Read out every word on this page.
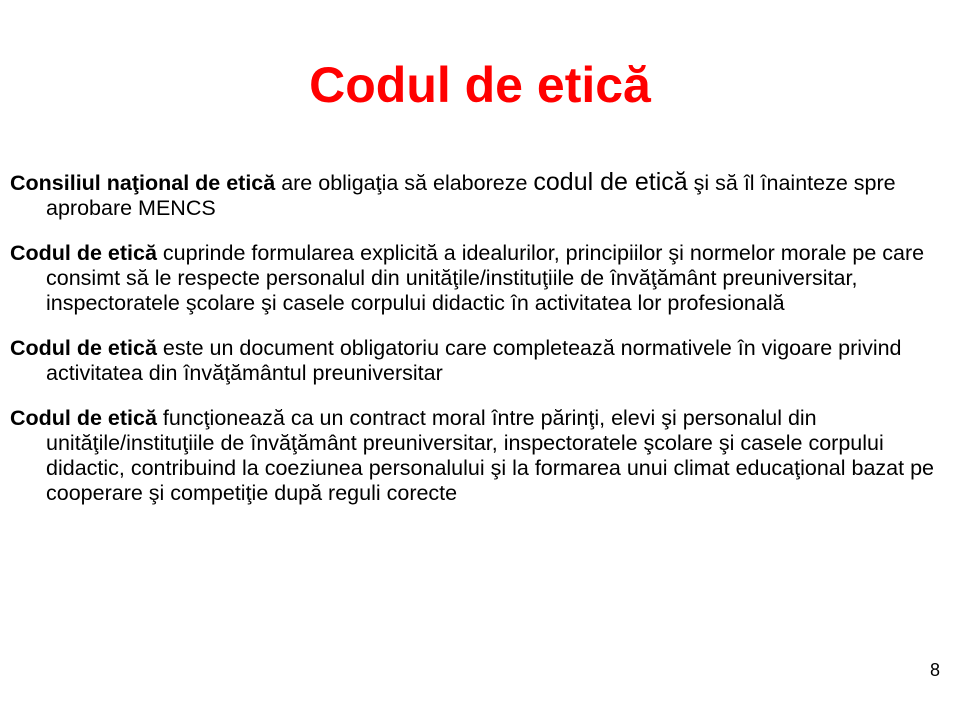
Codul de etică

Consiliul naţional de etică are obligaţia să elaboreze codul de etică şi să îl înainteze spre aprobare MENCS

Codul de etică cuprinde formularea explicită a idealurilor, principiilor şi normelor morale pe care consimt să le respecte personalul din unităţile/instituţiile de învăţământ preuniversitar, inspectoratele şcolare şi casele corpului didactic în activitatea lor profesională

Codul de etică este un document obligatoriu care completează normativele în vigoare privind activitatea din învăţământul preuniversitar

Codul de etică funcţionează ca un contract moral între părinţi, elevi şi personalul din unităţile/instituţiile de învăţământ preuniversitar, inspectoratele şcolare şi casele corpului didactic, contribuind la coeziunea personalului şi la formarea unui climat educaţional bazat pe cooperare şi competiţie după reguli corecte

8
